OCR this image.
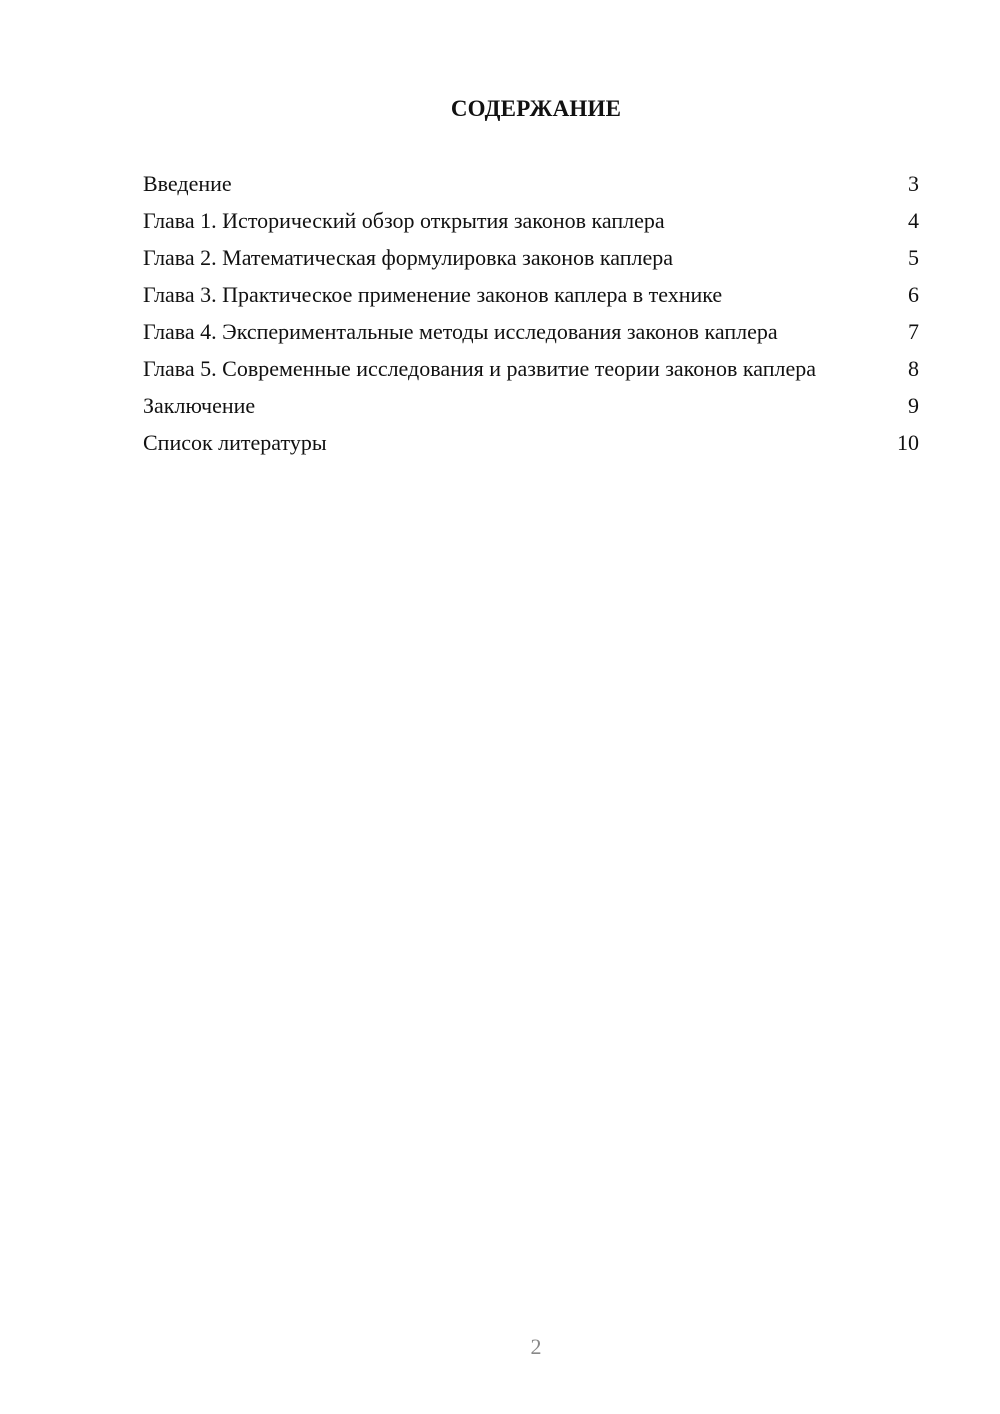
СОДЕРЖАНИЕ
Введение	3
Глава 1. Исторический обзор открытия законов каплера	4
Глава 2. Математическая формулировка законов каплера	5
Глава 3. Практическое применение законов каплера в технике	6
Глава 4. Экспериментальные методы исследования законов каплера	7
Глава 5. Современные исследования и развитие теории законов каплера	8
Заключение	9
Список литературы	10
2
